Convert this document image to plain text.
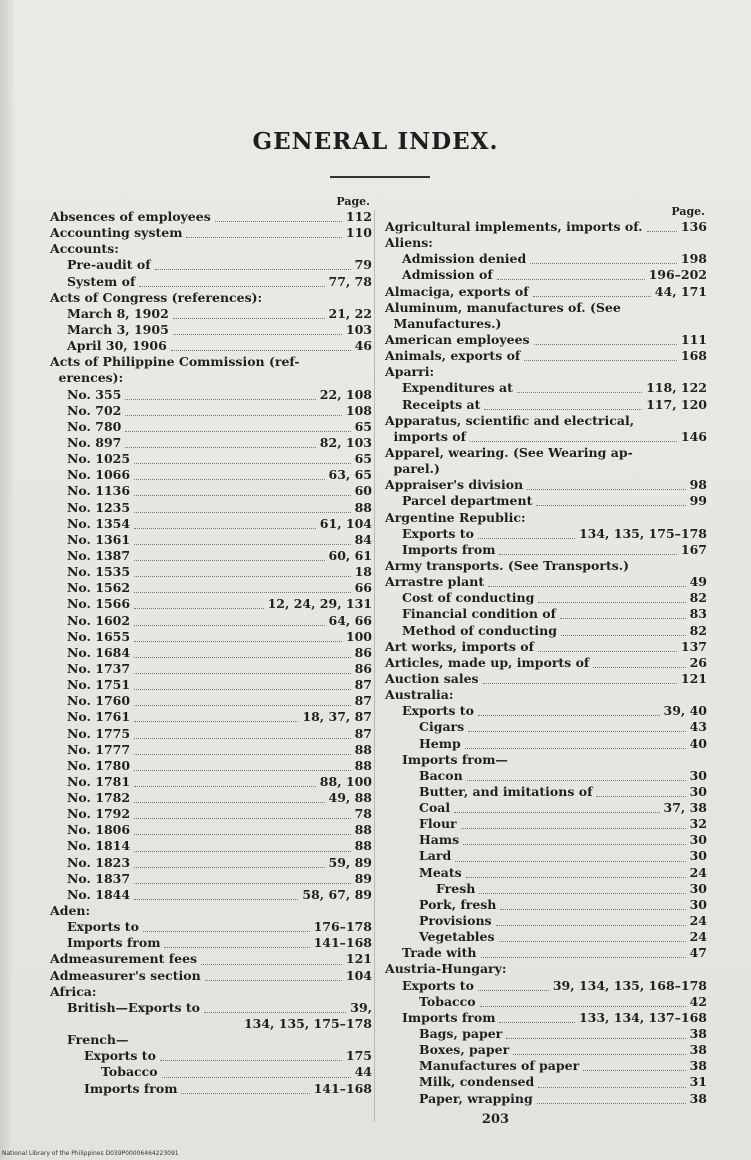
GENERAL INDEX.
Page.
Absences of employees	112
Accounting system	110
Accounts:
Pre-audit of	79
System of	77, 78
Acts of Congress (references):
March 8, 1902	21, 22
March 3, 1905	103
April 30, 1906	46
Acts of Philippine Commission (ref-
erences):
No. 355	22, 108
No. 702	108
No. 780	65
No. 897	82, 103
No. 1025	65
No. 1066	63, 65
No. 1136	60
No. 1235	88
No. 1354	61, 104
No. 1361	84
No. 1387	60, 61
No. 1535	18
No. 1562	66
No. 1566	12, 24, 29, 131
No. 1602	64, 66
No. 1655	100
No. 1684	86
No. 1737	86
No. 1751	87
No. 1760	87
No. 1761	18, 37, 87
No. 1775	87
No. 1777	88
No. 1780	88
No. 1781	88, 100
No. 1782	49, 88
No. 1792	78
No. 1806	88
No. 1814	88
No. 1823	59, 89
No. 1837	89
No. 1844	58, 67, 89
Aden:
Exports to	176–178
Imports from	141–168
Admeasurement fees	121
Admeasurer's section	104
Africa:
British—Exports to	39,
134, 135, 175–178
French—
Exports to	175
Tobacco	44
Imports from	141–168
Page.
Agricultural implements, imports of.	136
Aliens:
Admission denied	198
Admission of	196–202
Almaciga, exports of	44, 171
Aluminum, manufactures of. (See
Manufactures.)
American employees	111
Animals, exports of	168
Aparri:
Expenditures at	118, 122
Receipts at	117, 120
Apparatus, scientific and electrical,
imports of	146
Apparel, wearing. (See Wearing ap-
parel.)
Appraiser's division	98
Parcel department	99
Argentine Republic:
Exports to	134, 135, 175–178
Imports from	167
Army transports. (See Transports.)
Arrastre plant	49
Cost of conducting	82
Financial condition of	83
Method of conducting	82
Art works, imports of	137
Articles, made up, imports of	26
Auction sales	121
Australia:
Exports to	39, 40
Cigars	43
Hemp	40
Imports from—
Bacon	30
Butter, and imitations of	30
Coal	37, 38
Flour	32
Hams	30
Lard	30
Meats	24
Fresh	30
Pork, fresh	30
Provisions	24
Vegetables	24
Trade with	47
Austria-Hungary:
Exports to	39, 134, 135, 168–178
Tobacco	42
Imports from	133, 134, 137–168
Bags, paper	38
Boxes, paper	38
Manufactures of paper	38
Milk, condensed	31
Paper, wrapping	38
203
National Library of the Philippines D039P00006464223091
